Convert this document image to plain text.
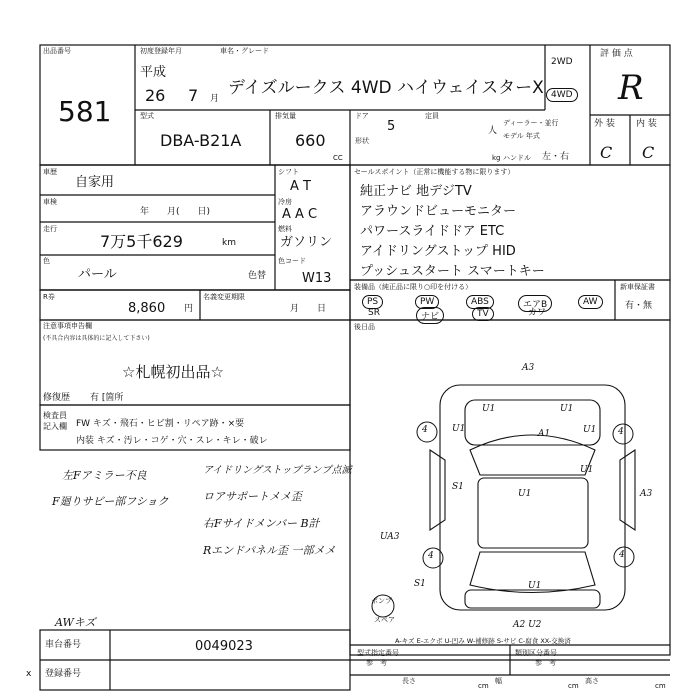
出品番号
581
初度登録年月	車名・グレード
平成
26 7 月
デイズルークス 4WD ハイウェイスターX
2WD
4WD
評 価 点
R
外 装 内 装
C C
型式
DBA-B21A
排気量
660
CC
ドア
5
定員
人
形状
ディーラー・並行
モデル 年式
kg ハンドル 左・右
車歴
自家用
車検
年　　月(　　日)
走行
7万5千629	km
シフト
A T
冷房
A A C
燃料
ガソリン
色
パール	色替
色コード
W13
R券
8,860 円
名義変更期限
月　　日
セールスポイント（正常に機能する物に限ります）
純正ナビ 地デジTV
アラウンドビューモニター
パワースライドドア ETC
アイドリングストップ HID
プッシュスタート スマートキー
装備品（純正品に限り○印を付ける）
PS	PW	ABS	エアB	AW
SR	ナビ	TV	カワ
新車保証書
有・無
注意事項申告欄
(不具合内容は具体的に記入して下さい)
☆札幌初出品☆
修復歴 有 [箇所
検査員 記入欄	FW キズ・飛石・ヒビ割・リペア跡・×要
内装 キズ・汚レ・コゲ・穴・スレ・キレ・破レ
後日品
左Fアミラー不良
F廻りサビー部フショク
アイドリングストップランプ点滅
ロアサポートメメ歪
右Fサイドメンバー B計
Rエンドパネル歪 一部メメ
AWキズ
A3
U1	U1
A1
U1	U1
S1
U1	A3
U1
UA3
S1	U1
A2 U2
4	4
4	4
ポンプ
スペア
A-キズ E-エクボ U-凹み W-補修跡 S-サビ C-腐食 XX-交換済
車台番号	0049023
登録番号
x
型式指定番号
参　考
類別区分番号
参　考
長さ	幅	高さ
cm	cm	cm
